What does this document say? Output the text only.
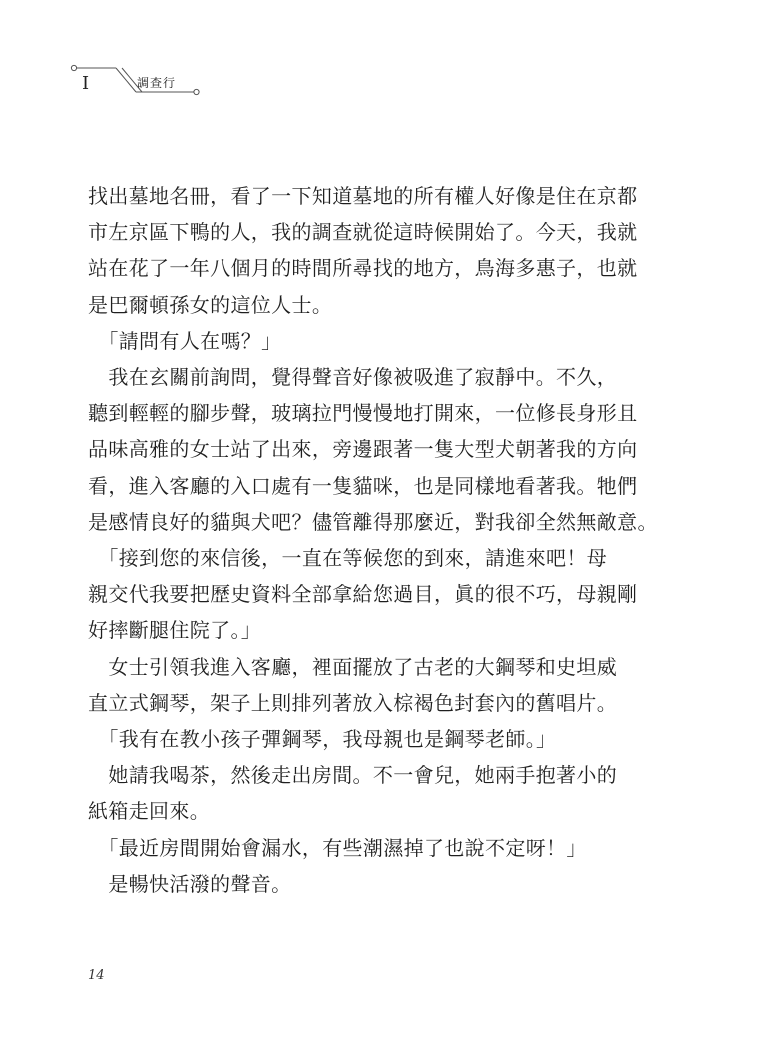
I	調查行

找出墓地名冊，看了一下知道墓地的所有權人好像是住在京都

市左京區下鴨的人，我的調查就從這時候開始了。今天，我就

站在花了一年八個月的時間所尋找的地方，鳥海多惠子，也就

是巴爾頓孫女的這位人士。

　「請問有人在嗎？」

　我在玄關前詢問，覺得聲音好像被吸進了寂靜中。不久，

聽到輕輕的腳步聲，玻璃拉門慢慢地打開來，一位修長身形且

品味高雅的女士站了出來，旁邊跟著一隻大型犬朝著我的方向

看，進入客廳的入口處有一隻貓咪，也是同樣地看著我。牠們

是感情良好的貓與犬吧？儘管離得那麼近，對我卻全然無敵意。

　「接到您的來信後，一直在等候您的到來，請進來吧！母

親交代我要把歷史資料全部拿給您過目，眞的很不巧，母親剛

好摔斷腿住院了。」

　女士引領我進入客廳，裡面擺放了古老的大鋼琴和史坦威

直立式鋼琴，架子上則排列著放入棕褐色封套內的舊唱片。

　「我有在教小孩子彈鋼琴，我母親也是鋼琴老師。」

　她請我喝茶，然後走出房間。不一會兒，她兩手抱著小的

紙箱走回來。

　「最近房間開始會漏水，有些潮濕掉了也說不定呀！」

　是暢快活潑的聲音。

14
